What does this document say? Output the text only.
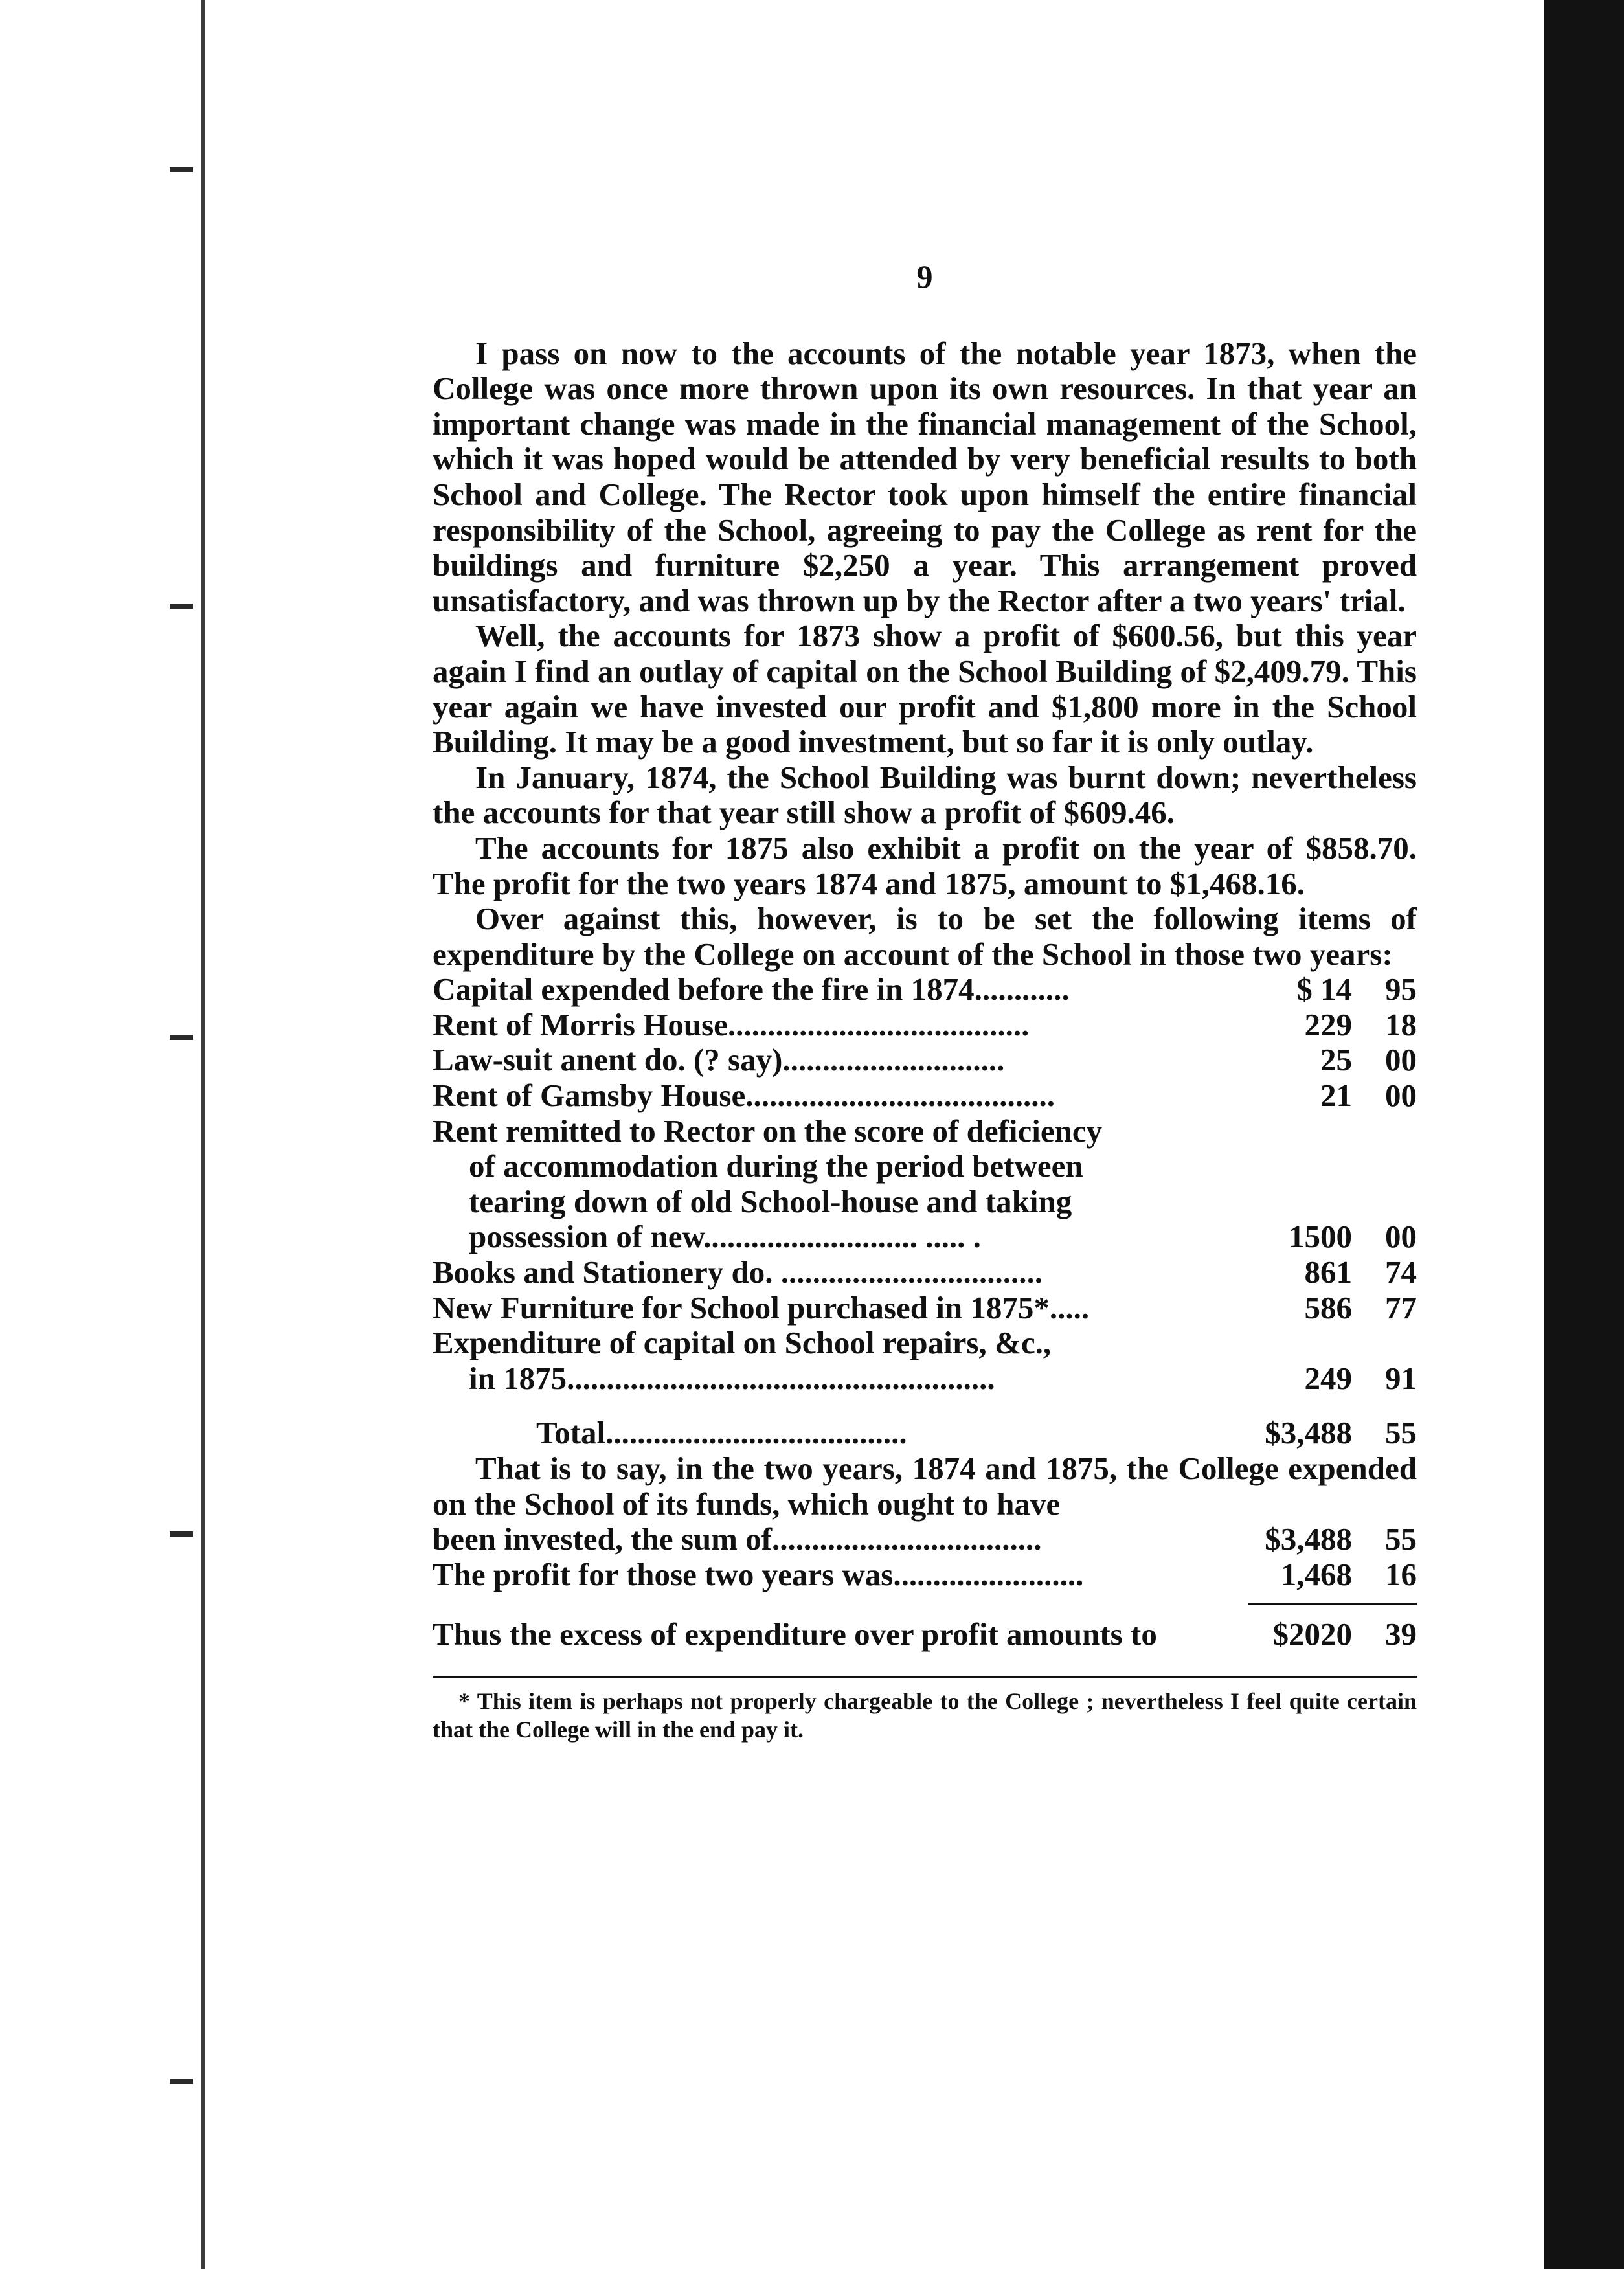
9

I pass on now to the accounts of the notable year 1873, when the College was once more thrown upon its own resources. In that year an important change was made in the financial management of the School, which it was hoped would be attended by very beneficial results to both School and College. The Rector took upon himself the entire financial responsibility of the School, agreeing to pay the College as rent for the buildings and furniture $2,250 a year. This arrangement proved unsatisfactory, and was thrown up by the Rector after a two years' trial.

Well, the accounts for 1873 show a profit of $600.56, but this year again I find an outlay of capital on the School Building of $2,409.79. This year again we have invested our profit and $1,800 more in the School Building. It may be a good investment, but so far it is only outlay.

In January, 1874, the School Building was burnt down; nevertheless the accounts for that year still show a profit of $609.46.

The accounts for 1875 also exhibit a profit on the year of $858.70. The profit for the two years 1874 and 1875, amount to $1,468.16.

Over against this, however, is to be set the following items of expenditure by the College on account of the School in those two years:

Capital expended before the fire in 1874............	$ 14	95
Rent of Morris House......................................	229	18
Law-suit anent do. (? say)............................	25	00
Rent of Gamsby House.......................................	21	00
Rent remitted to Rector on the score of deficiency
of accommodation during the period between
tearing down of old School-house and taking
possession of new........................... ..... .	1500	00
Books and Stationery do. .................................	861	74
New Furniture for School purchased in 1875*.....	586	77
Expenditure of capital on School repairs, &c.,
in 1875......................................................	249	91
Total......................................	$3,488	55

That is to say, in the two years, 1874 and 1875, the College expended on the School of its funds, which ought to have

been invested, the sum of..................................	$3,488	55
The profit for those two years was........................	1,468	16
Thus the excess of expenditure over profit amounts to	$2020	39
* This item is perhaps not properly chargeable to the College ; nevertheless I feel quite certain that the College will in the end pay it.
